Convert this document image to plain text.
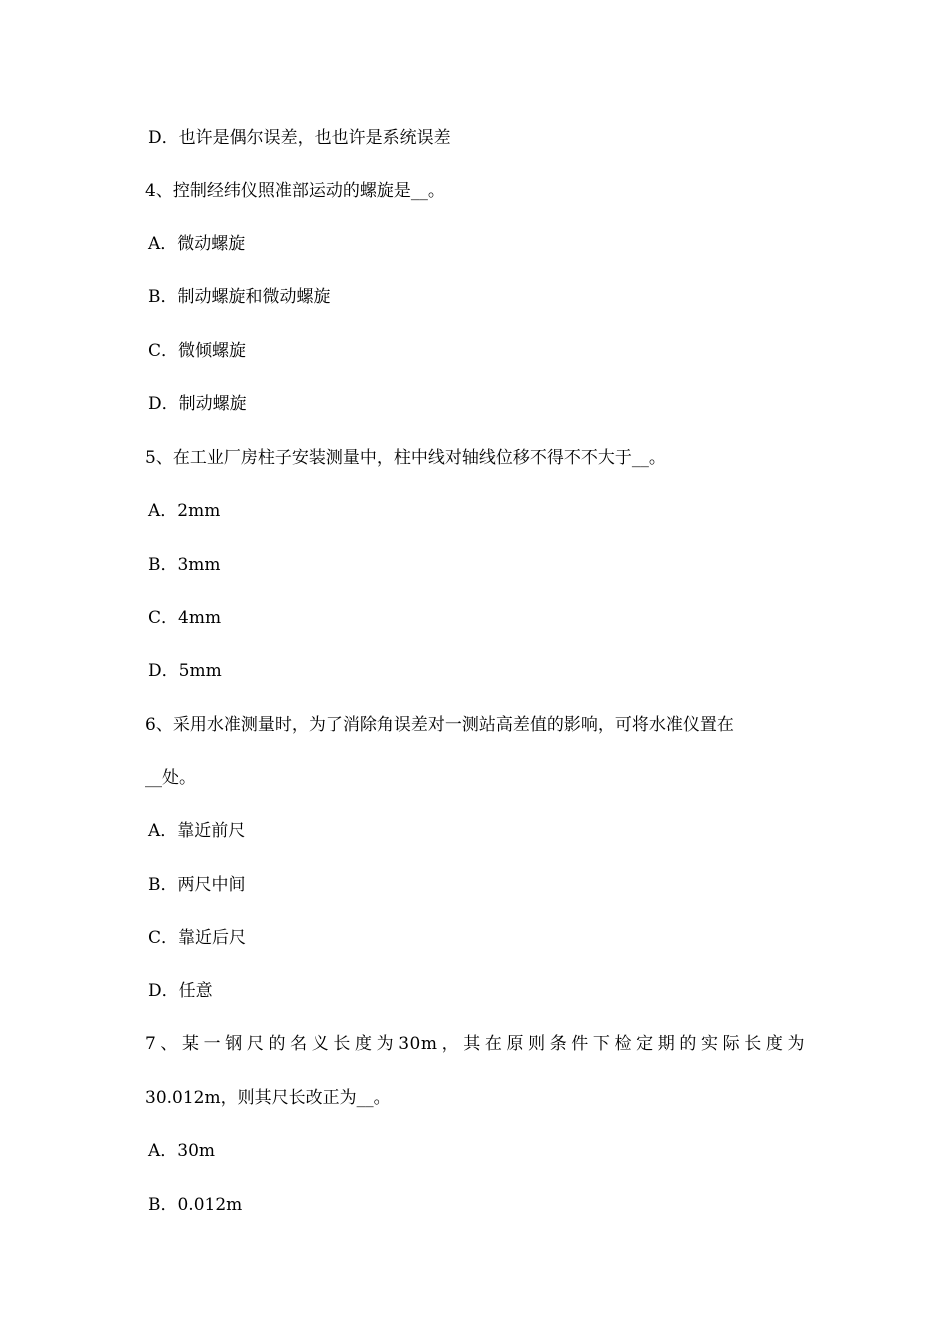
D．也许是偶尔误差，也也许是系统误差
4、控制经纬仪照准部运动的螺旋是__。
A．微动螺旋
B．制动螺旋和微动螺旋
C．微倾螺旋
D．制动螺旋
5、在工业厂房柱子安装测量中，柱中线对轴线位移不得不不大于__。
A．2mm
B．3mm
C．4mm
D．5mm
6、采用水准测量时，为了消除角误差对一测站高差值的影响，可将水准仪置在
__处。
A．靠近前尺
B．两尺中间
C．靠近后尺
D．任意
7、某一钢尺的名义长度为30m，其在原则条件下检定期的实际长度为
30.012m，则其尺长改正为__。
A．30m
B．0.012m
